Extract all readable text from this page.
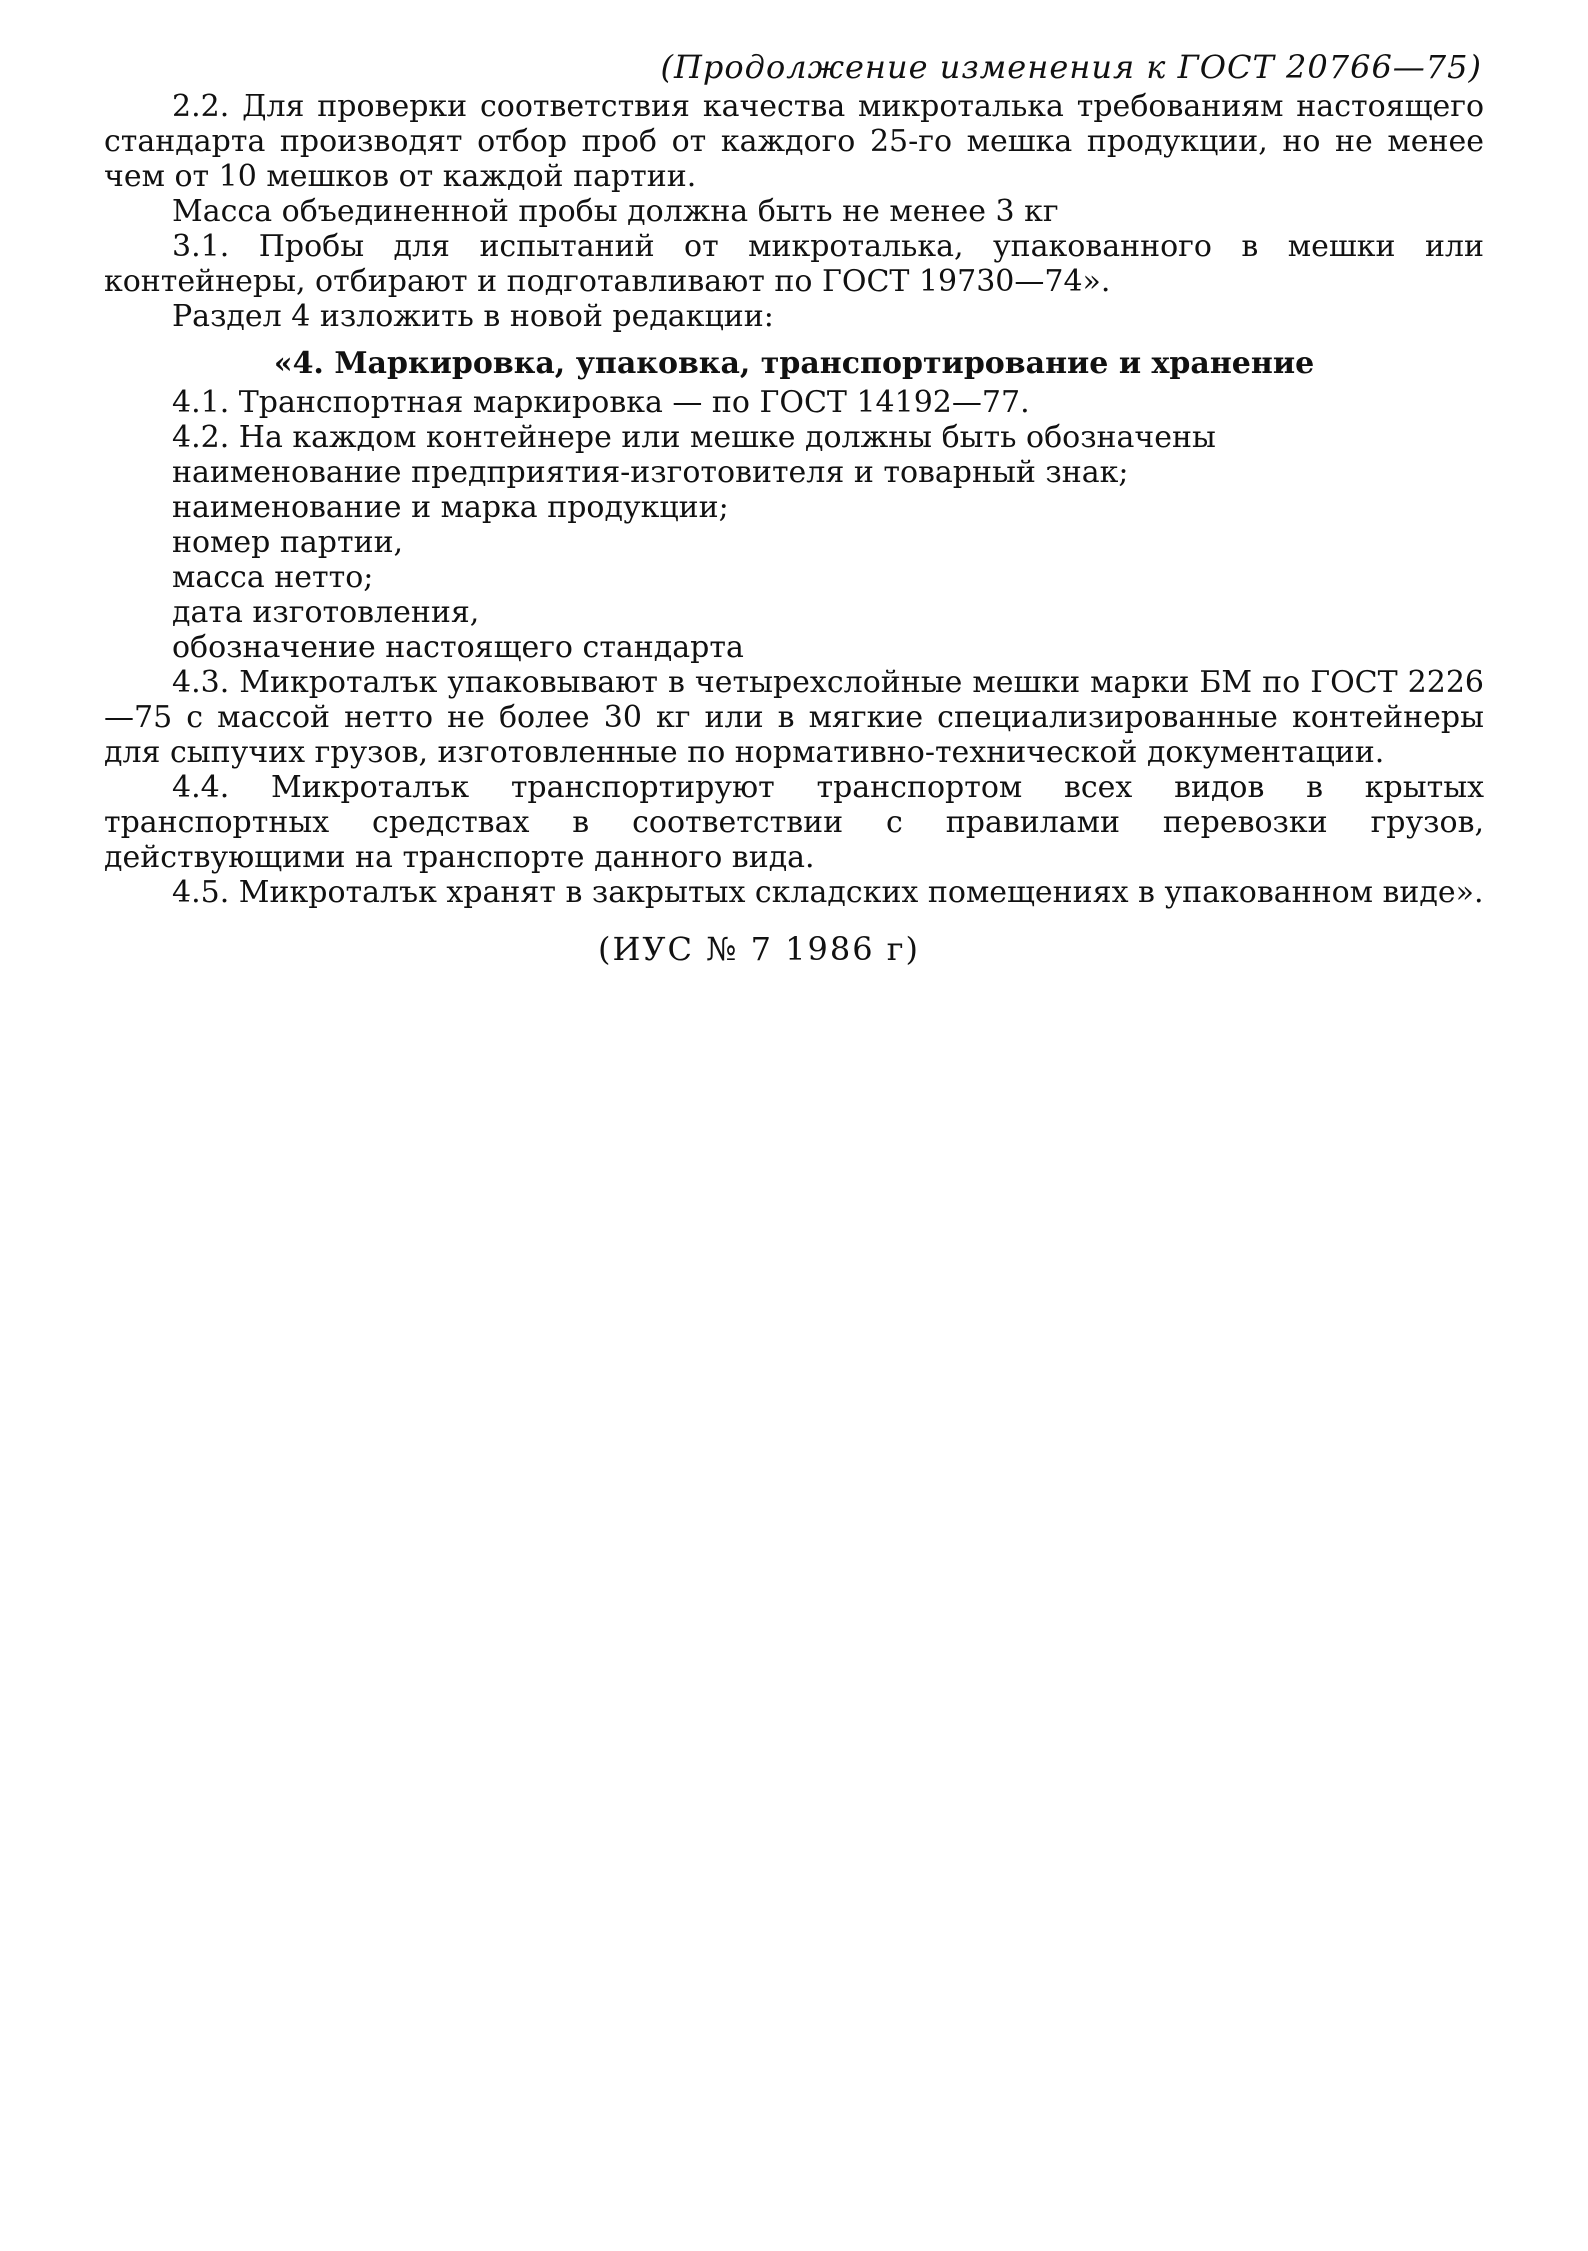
(Продолжение изменения к ГОСТ 20766—75)

2.2. Для проверки соответствия качества микроталька требованиям настоящего стандарта производят отбор проб от каждого 25-го мешка продукции, но не менее чем от 10 мешков от каждой партии.

Масса объединенной пробы должна быть не менее 3 кг

3.1. Пробы для испытаний от микроталька, упакованного в мешки или контейнеры, отбирают и подготавливают по ГОСТ 19730—74».

Раздел 4 изложить в новой редакции:

«4. Маркировка, упаковка, транспортирование и хранение

4.1. Транспортная маркировка — по ГОСТ 14192—77.

4.2. На каждом контейнере или мешке должны быть обозначены

наименование предприятия-изготовителя и товарный знак;

наименование и марка продукции;

номер партии,

масса нетто;

дата изготовления,

обозначение настоящего стандарта

4.3. Микроталък упаковывают в четырехслойные мешки марки БМ по ГОСТ 2226—75 с массой нетто не более 30 кг или в мягкие специализированные контейнеры для сыпучих грузов, изготовленные по нормативно-технической документации.

4.4. Микроталък транспортируют транспортом всех видов в крытых транспортных средствах в соответствии с правилами перевозки грузов, действующими на транспорте данного вида.

4.5. Микроталък хранят в закрытых складских помещениях в упакованном виде».

(ИУС № 7 1986 г)
